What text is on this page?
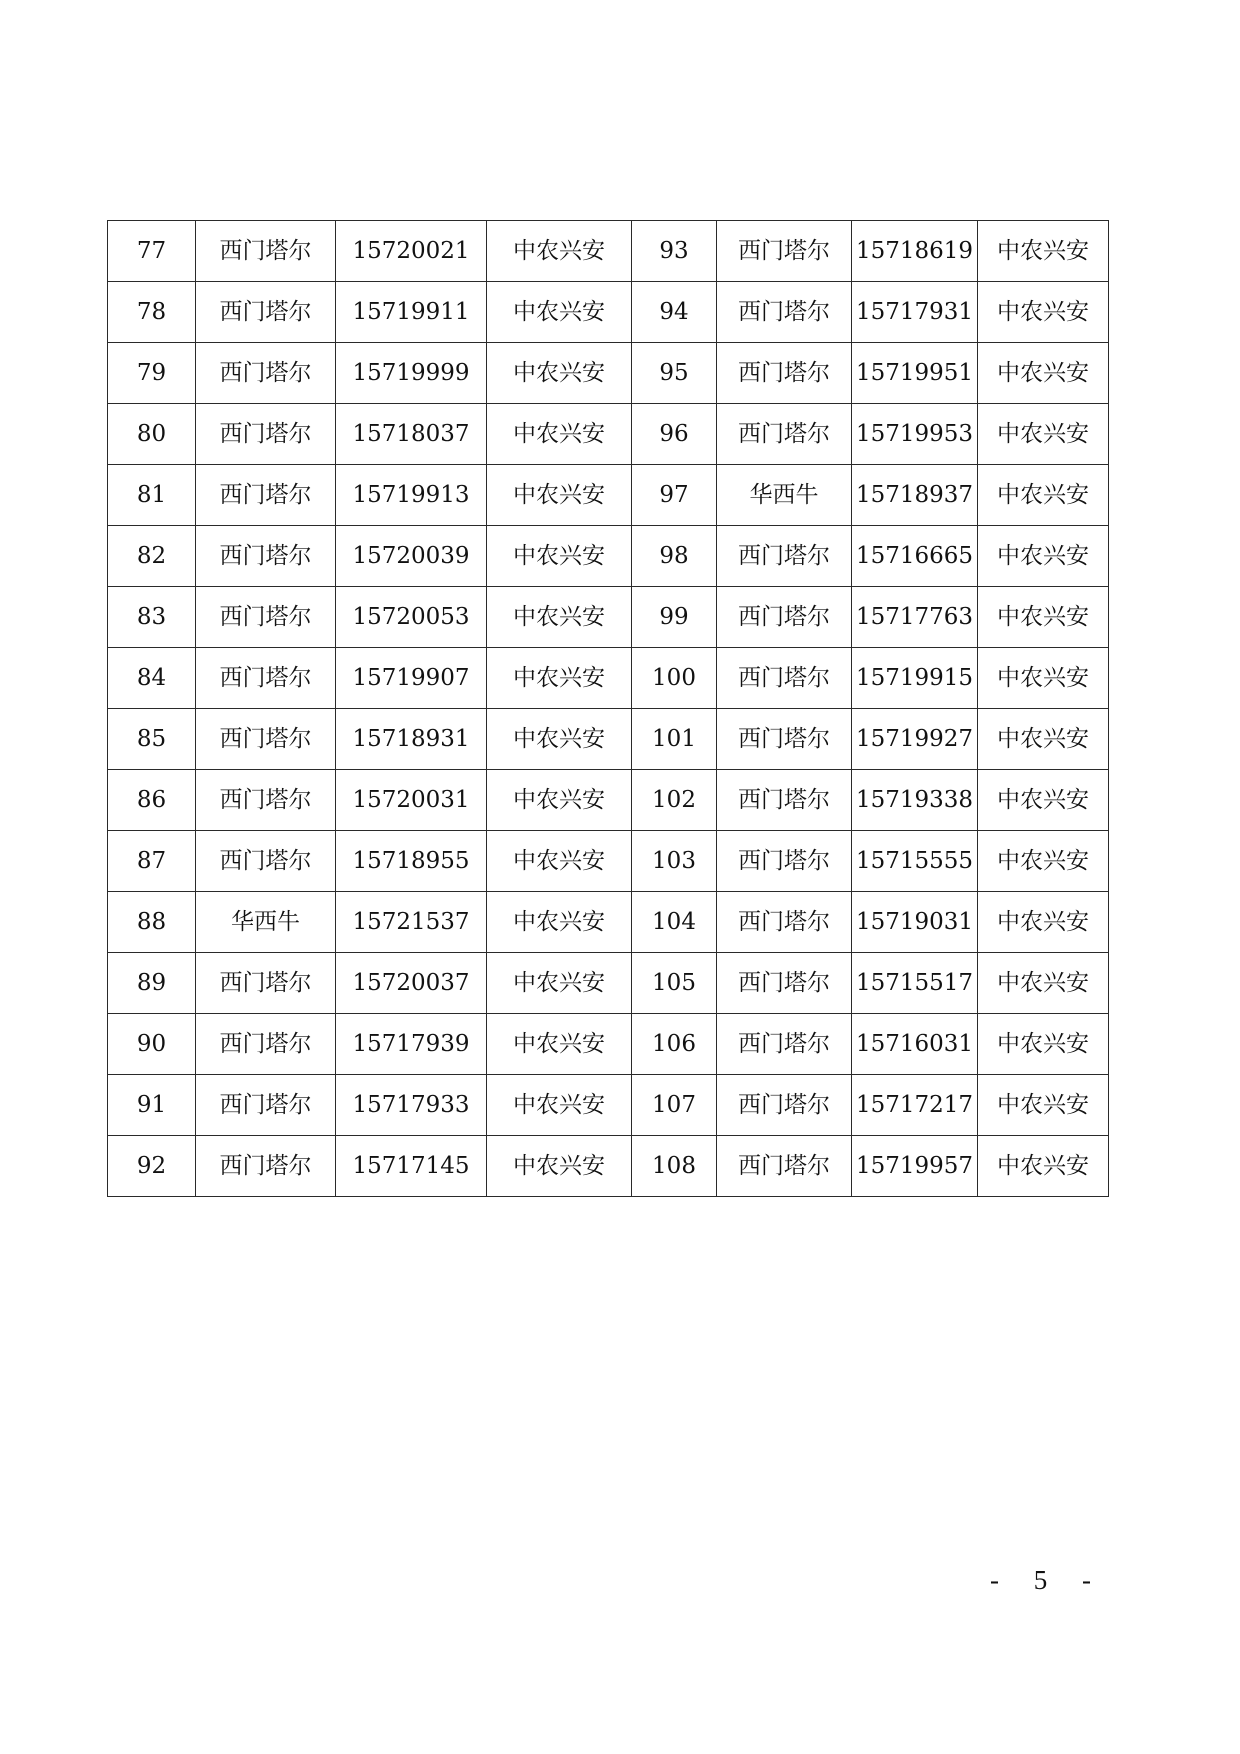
77	西门塔尔	15720021	中农兴安	93	西门塔尔	15718619	中农兴安
78	西门塔尔	15719911	中农兴安	94	西门塔尔	15717931	中农兴安
79	西门塔尔	15719999	中农兴安	95	西门塔尔	15719951	中农兴安
80	西门塔尔	15718037	中农兴安	96	西门塔尔	15719953	中农兴安
81	西门塔尔	15719913	中农兴安	97	华西牛	15718937	中农兴安
82	西门塔尔	15720039	中农兴安	98	西门塔尔	15716665	中农兴安
83	西门塔尔	15720053	中农兴安	99	西门塔尔	15717763	中农兴安
84	西门塔尔	15719907	中农兴安	100	西门塔尔	15719915	中农兴安
85	西门塔尔	15718931	中农兴安	101	西门塔尔	15719927	中农兴安
86	西门塔尔	15720031	中农兴安	102	西门塔尔	15719338	中农兴安
87	西门塔尔	15718955	中农兴安	103	西门塔尔	15715555	中农兴安
88	华西牛	15721537	中农兴安	104	西门塔尔	15719031	中农兴安
89	西门塔尔	15720037	中农兴安	105	西门塔尔	15715517	中农兴安
90	西门塔尔	15717939	中农兴安	106	西门塔尔	15716031	中农兴安
91	西门塔尔	15717933	中农兴安	107	西门塔尔	15717217	中农兴安
92	西门塔尔	15717145	中农兴安	108	西门塔尔	15719957	中农兴安
- 5 -
